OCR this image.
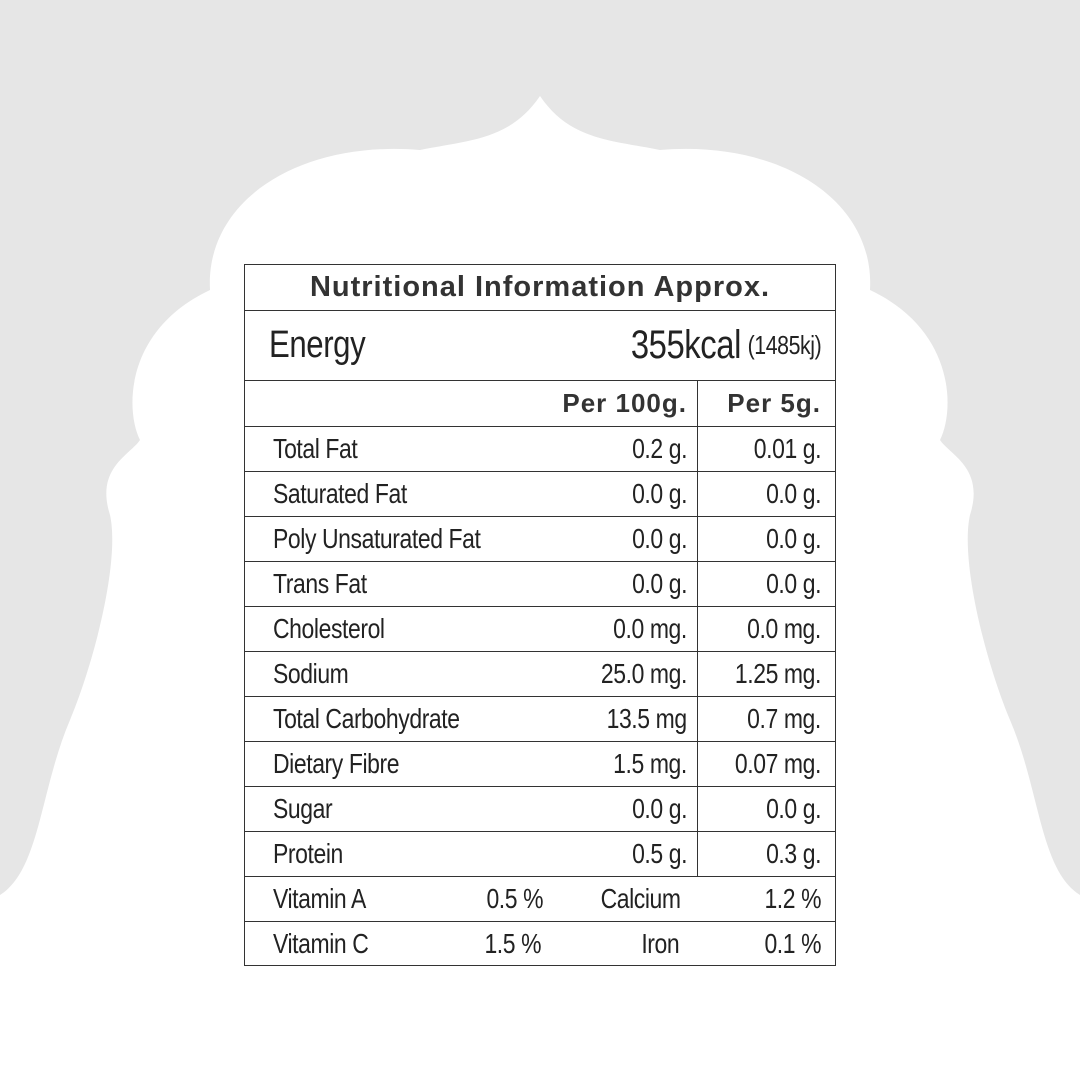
Nutritional Information Approx.
Energy	355kcal (1485kj)
Per 100g. Per 5g.
Total Fat	0.2 g. 0.01 g.
Saturated Fat	0.0 g.	0.0 g.
Poly Unsaturated Fat	0.0 g.	0.0 g.
Trans Fat	0.0 g.	0.0 g.
Cholesterol	0.0 mg. 0.0 mg.
Sodium	25.0 mg. 1.25 mg.
Total Carbohydrate	13.5 mg 0.7 mg.
Dietary Fibre	1.5 mg. 0.07 mg.
Sugar	0.0 g.	0.0 g.
Protein	0.5 g.	0.3 g.
Vitamin A	0.5 % Calcium	1.2 %
Vitamin C	1.5 %	Iron	0.1 %
